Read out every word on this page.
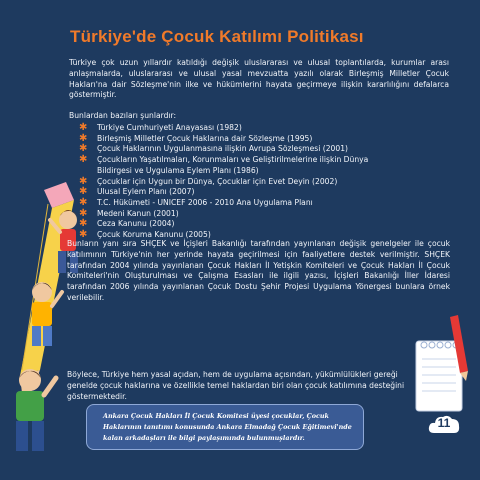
Türkiye'de Çocuk Katılımı Politikası

Türkiye çok uzun yıllardır katıldığı değişik uluslararası ve ulusal toplantılarda, kurumlar arası anlaşmalarda, uluslararası ve ulusal yasal mevzuatta yazılı olarak Birleşmiş Milletler Çocuk Hakları'na dair Sözleşme'nin ilke ve hükümlerini hayata geçirmeye ilişkin kararlılığını defalarca göstermiştir.

Bunlardan bazıları şunlardır:

✱ Türkiye Cumhuriyeti Anayasası (1982)
✱ Birleşmiş Milletler Çocuk Haklarına dair Sözleşme (1995)
✱ Çocuk Haklarının Uygulanmasına ilişkin Avrupa Sözleşmesi (2001)
✱ Çocukların Yaşatılmaları, Korunmaları ve Geliştirilmelerine ilişkin Dünya Bildirgesi ve Uygulama Eylem Planı (1986)
✱ Çocuklar için Uygun bir Dünya, Çocuklar için Evet Deyin (2002)
✱ Ulusal Eylem Planı (2007)
✱ T.C. Hükümeti - UNICEF 2006 - 2010 Ana Uygulama Planı
✱ Medeni Kanun (2001)
✱ Ceza Kanunu (2004)
✱ Çocuk Koruma Kanunu (2005)

Bunların yanı sıra SHÇEK ve İçişleri Bakanlığı tarafından yayınlanan değişik genelgeler ile çocuk katılımının Türkiye'nin her yerinde hayata geçirilmesi için faaliyetlere destek verilmiştir. SHÇEK tarafından 2004 yılında yayınlanan Çocuk Hakları İl Yetişkin Komiteleri ve Çocuk Hakları İl Çocuk Komiteleri'nin Oluşturulması ve Çalışma Esasları ile ilgili yazısı, İçişleri Bakanlığı İller İdaresi tarafından 2006 yılında yayınlanan Çocuk Dostu Şehir Projesi Uygulama Yönergesi bunlara örnek verilebilir.

Böylece, Türkiye hem yasal açıdan, hem de uygulama açısından, yükümlülükleri gereği genelde çocuk haklarına ve özellikle temel haklardan biri olan çocuk katılımına desteğini göstermektedir.

Ankara Çocuk Hakları İl Çocuk Komitesi üyesi çocuklar, Çocuk Haklarının tanıtımı konusunda Ankara Elmadağ Çocuk Eğitimevi'nde kalan arkadaşları ile bilgi paylaşımında bulunmuşlardır.

11
